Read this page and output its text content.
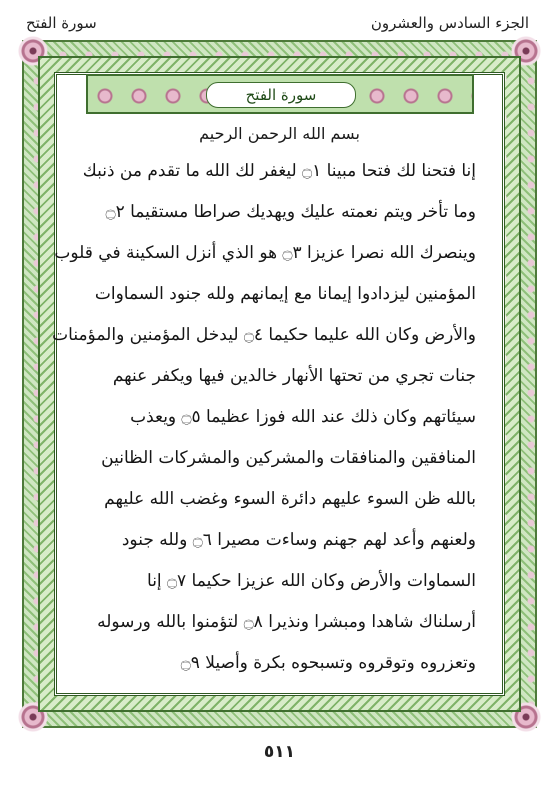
الجزء السادس والعشرون
سورة الفتح
سورة الفتح
بسم الله الرحمن الرحيم
إنا فتحنا لك فتحا مبينا ۝١ ليغفر لك الله ما تقدم من ذنبك
وما تأخر ويتم نعمته عليك ويهديك صراطا مستقيما ۝٢
وينصرك الله نصرا عزيزا ۝٣ هو الذي أنزل السكينة في قلوب
المؤمنين ليزدادوا إيمانا مع إيمانهم ولله جنود السماوات
والأرض وكان الله عليما حكيما ۝٤ ليدخل المؤمنين والمؤمنات
جنات تجري من تحتها الأنهار خالدين فيها ويكفر عنهم
سيئاتهم وكان ذلك عند الله فوزا عظيما ۝٥ ويعذب
المنافقين والمنافقات والمشركين والمشركات الظانين
بالله ظن السوء عليهم دائرة السوء وغضب الله عليهم
ولعنهم وأعد لهم جهنم وساءت مصيرا ۝٦ ولله جنود
السماوات والأرض وكان الله عزيزا حكيما ۝٧ إنا
أرسلناك شاهدا ومبشرا ونذيرا ۝٨ لتؤمنوا بالله ورسوله
وتعزروه وتوقروه وتسبحوه بكرة وأصيلا ۝٩
٥١١
